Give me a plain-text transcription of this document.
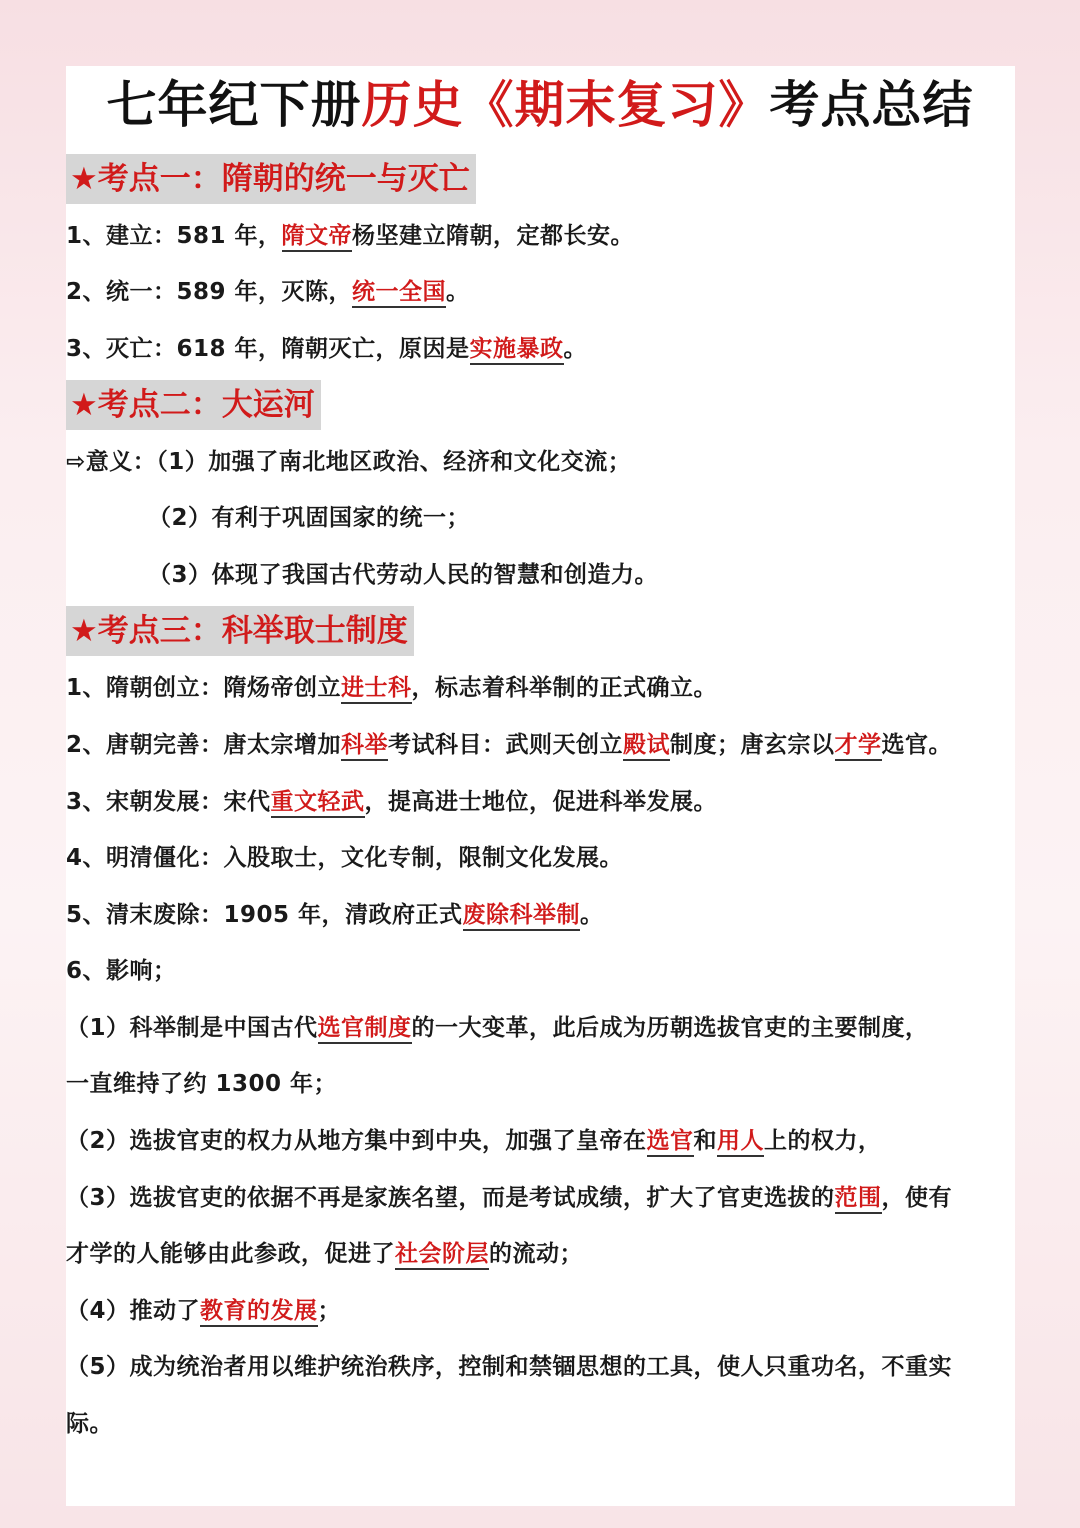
七年纪下册历史《期末复习》考点总结
★考点一：隋朝的统一与灭亡
1、建立：581 年，隋文帝杨坚建立隋朝，定都长安。
2、统一：589 年，灭陈，统一全国。
3、灭亡：618 年，隋朝灭亡，原因是实施暴政。
★考点二：大运河
⇨意义：（1）加强了南北地区政治、经济和文化交流；
（2）有利于巩固国家的统一；
（3）体现了我国古代劳动人民的智慧和创造力。
★考点三：科举取士制度
1、隋朝创立：隋炀帝创立进士科，标志着科举制的正式确立。
2、唐朝完善：唐太宗增加科举考试科目：武则天创立殿试制度；唐玄宗以才学选官。
3、宋朝发展：宋代重文轻武，提高进士地位，促进科举发展。
4、明清僵化：入股取士，文化专制，限制文化发展。
5、清末废除：1905 年，清政府正式废除科举制。
6、影响；
（1）科举制是中国古代选官制度的一大变革，此后成为历朝选拔官吏的主要制度，
一直维持了约 1300 年；
（2）选拔官吏的权力从地方集中到中央，加强了皇帝在选官和用人上的权力，
（3）选拔官吏的依据不再是家族名望，而是考试成绩，扩大了官吏选拔的范围，使有
才学的人能够由此参政，促进了社会阶层的流动；
（4）推动了教育的发展；
（5）成为统治者用以维护统治秩序，控制和禁锢思想的工具，使人只重功名，不重实
际。
